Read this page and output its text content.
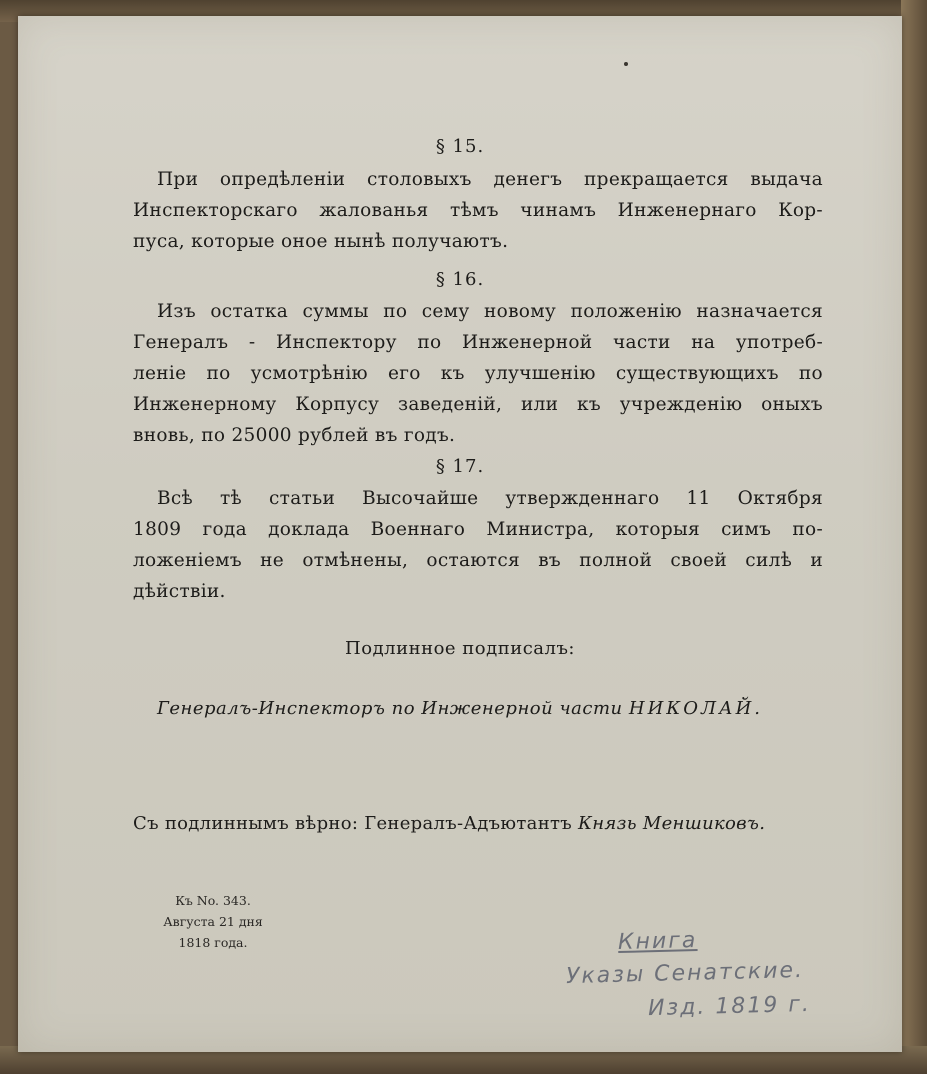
§ 15.
При опредѣленіи столовыхъ денегъ прекращается выдача
Инспекторскаго жалованья тѣмъ чинамъ Инженернаго Кор-
пуса, которые оное нынѣ получаютъ.
§ 16.
Изъ остатка суммы по сему новому положенію назначается
Генералъ - Инспектору по Инженерной части на употреб-
леніе по усмотрѣнію его къ улучшенію существующихъ по
Инженерному Корпусу заведеній, или къ учрежденію оныхъ
вновь, по 25000 рублей въ годъ.
§ 17.
Всѣ тѣ статьи Высочайше утвержденнаго 11 Октября
1809 года доклада Военнаго Министра, которыя симъ по-
ложеніемъ не отмѣнены, остаются въ полной своей силѣ и
дѣйствіи.
Подлинное подписалъ:
Генералъ-Инспекторъ по Инженерной части НИКОЛАЙ.
Съ подлиннымъ вѣрно: Генералъ-Адъютантъ Князь Меншиковъ.
Къ No. 343.
Августа 21 дня
1818 года.	Книга
Указы Сенатские.
Изд. 1819 г.
